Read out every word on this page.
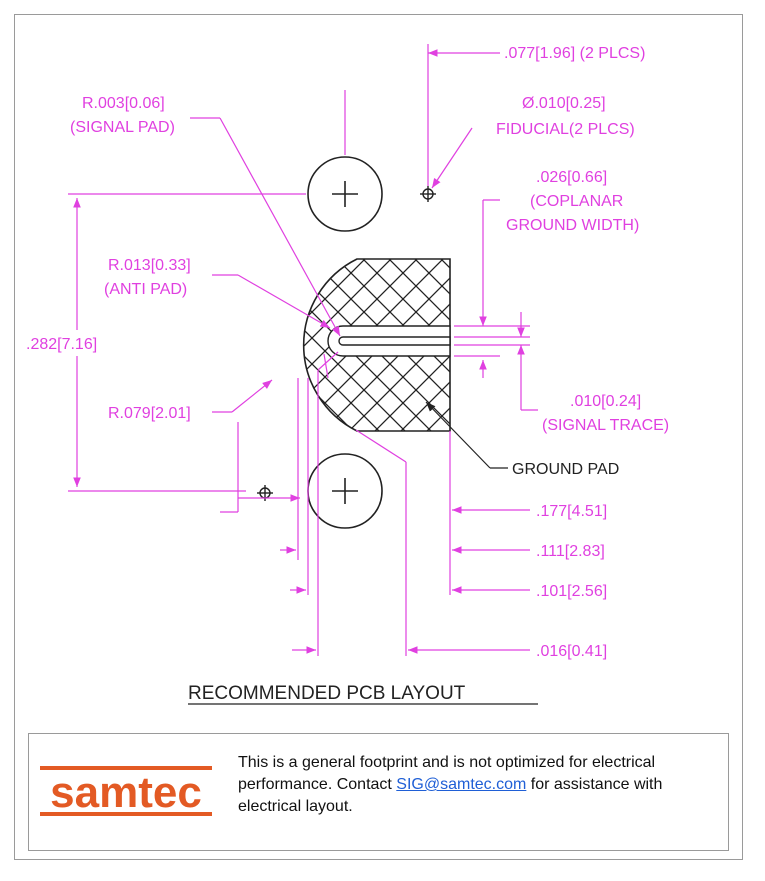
.077[1.96] (2 PLCS)
R.003[0.06]
(SIGNAL PAD)
Ø.010[0.25]
FIDUCIAL(2 PLCS)
.026[0.66]
(COPLANAR
GROUND WIDTH)
R.013[0.33]
(ANTI PAD)
.282[7.16]
R.079[2.01]
.010[0.24]
(SIGNAL TRACE)
GROUND PAD
.177[4.51]
.111[2.83]
.101[2.56]
.016[0.41]
RECOMMENDED PCB LAYOUT
samtec

This is a general footprint and is not optimized for electrical performance. Contact SIG@samtec.com for assistance with electrical layout.
